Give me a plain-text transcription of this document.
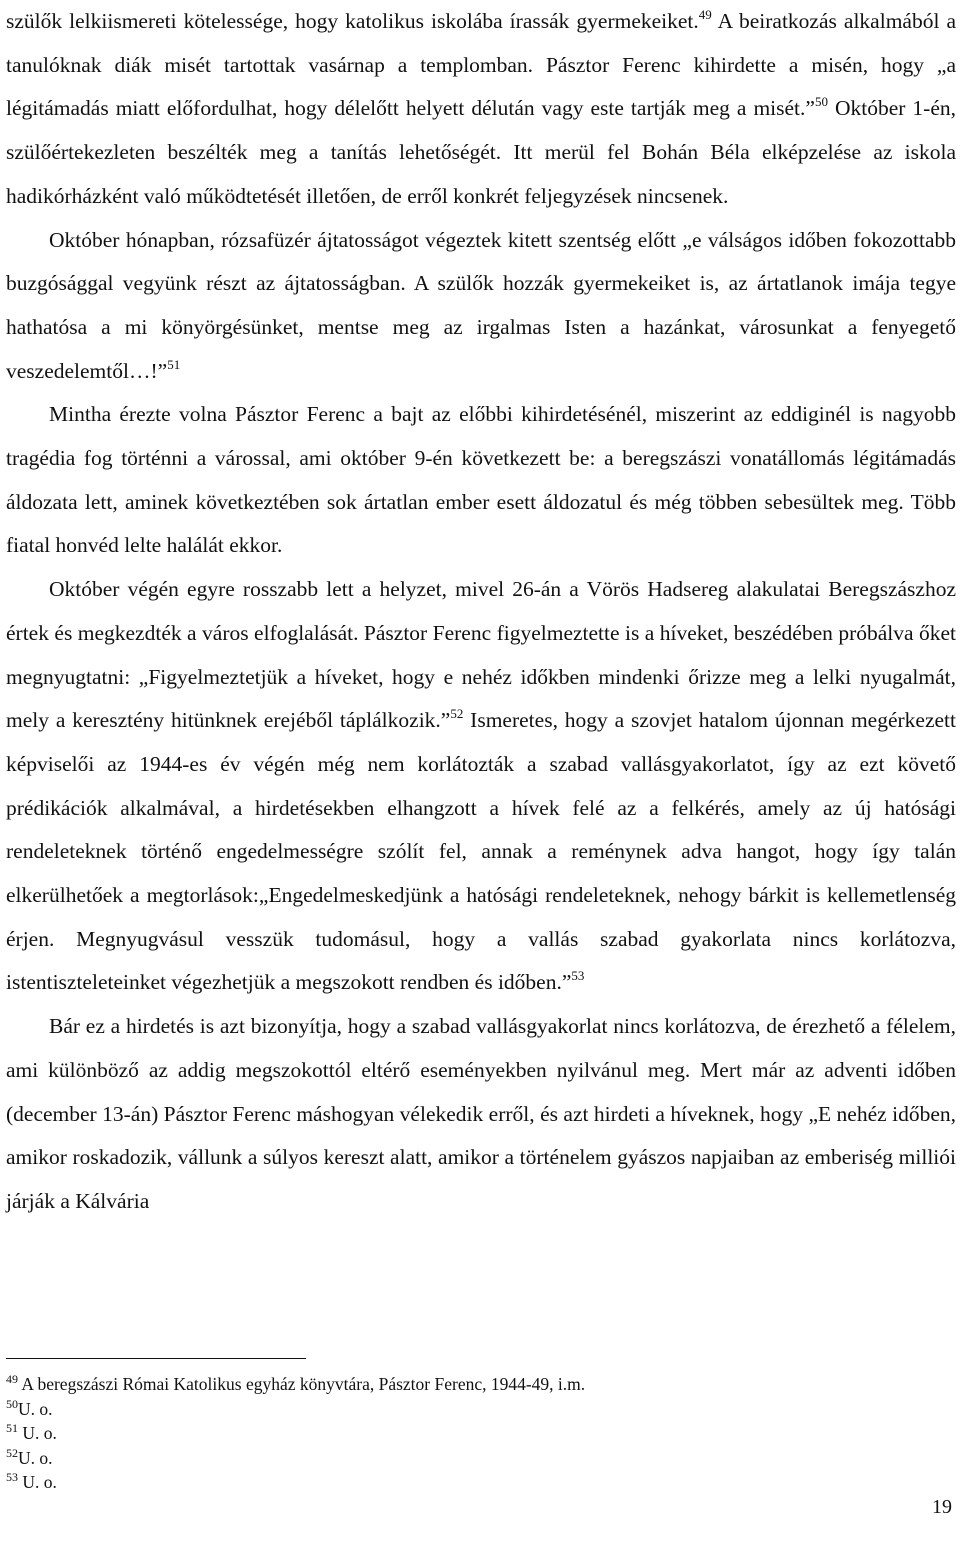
szülők lelkiismereti kötelessége, hogy katolikus iskolába írassák gyermekeiket.$^{49}$ A beiratkozás alkalmából a tanulóknak diák misét tartottak vasárnap a templomban. Pásztor Ferenc kihirdette a misén, hogy „a légitámadás miatt előfordulhat, hogy délelőtt helyett délután vagy este tartják meg a misét.”$^{50}$ Október 1-én, szülőértekezleten beszélték meg a tanítás lehetőségét. Itt merül fel Bohán Béla elképzelése az iskola hadikórházként való működtetését illetően, de erről konkrét feljegyzések nincsenek.

Október hónapban, rózsafüzér ájtatosságot végeztek kitett szentség előtt „e válságos időben fokozottabb buzgósággal vegyünk részt az ájtatosságban. A szülők hozzák gyermekeiket is, az ártatlanok imája tegye hathatósa a mi könyörgésünket, mentse meg az irgalmas Isten a hazánkat, városunkat a fenyegető veszedelemtől…!”$^{51}$

Mintha érezte volna Pásztor Ferenc a bajt az előbbi kihirdetésénél, miszerint az eddiginél is nagyobb tragédia fog történni a várossal, ami október 9-én következett be: a beregszászi vonatállomás légitámadás áldozata lett, aminek következtében sok ártatlan ember esett áldozatul és még többen sebesültek meg. Több fiatal honvéd lelte halálát ekkor.

Október végén egyre rosszabb lett a helyzet, mivel 26-án a Vörös Hadsereg alakulatai Beregszászhoz értek és megkezdték a város elfoglalását. Pásztor Ferenc figyelmeztette is a híveket, beszédében próbálva őket megnyugtatni: „Figyelmeztetjük a híveket, hogy e nehéz időkben mindenki őrizze meg a lelki nyugalmát, mely a keresztény hitünknek erejéből táplálkozik.”$^{52}$ Ismeretes, hogy a szovjet hatalom újonnan megérkezett képviselői az 1944-es év végén még nem korlátozták a szabad vallásgyakorlatot, így az ezt követő prédikációk alkalmával, a hirdetésekben elhangzott a hívek felé az a felkérés, amely az új hatósági rendeleteknek történő engedelmességre szólít fel, annak a reménynek adva hangot, hogy így talán elkerülhetőek a megtorlások:„Engedelmeskedjünk a hatósági rendeleteknek, nehogy bárkit is kellemetlenség érjen. Megnyugvásul vesszük tudomásul, hogy a vallás szabad gyakorlata nincs korlátozva, istentiszteleteinket végezhetjük a megszokott rendben és időben.”$^{53}$

Bár ez a hirdetés is azt bizonyítja, hogy a szabad vallásgyakorlat nincs korlátozva, de érezhető a félelem, ami különböző az addig megszokottól eltérő eseményekben nyilvánul meg. Mert már az adventi időben (december 13-án) Pásztor Ferenc máshogyan vélekedik erről, és azt hirdeti a híveknek, hogy „E nehéz időben, amikor roskadozik, vállunk a súlyos kereszt alatt, amikor a történelem gyászos napjaiban az emberiség milliói járják a Kálvária

$^{49}$ A beregszászi Római Katolikus egyház könyvtára, Pásztor Ferenc, 1944-49, i.m.
$^{50}$U. o.
$^{51}$ U. o.
$^{52}$U. o.
$^{53}$ U. o.
19
